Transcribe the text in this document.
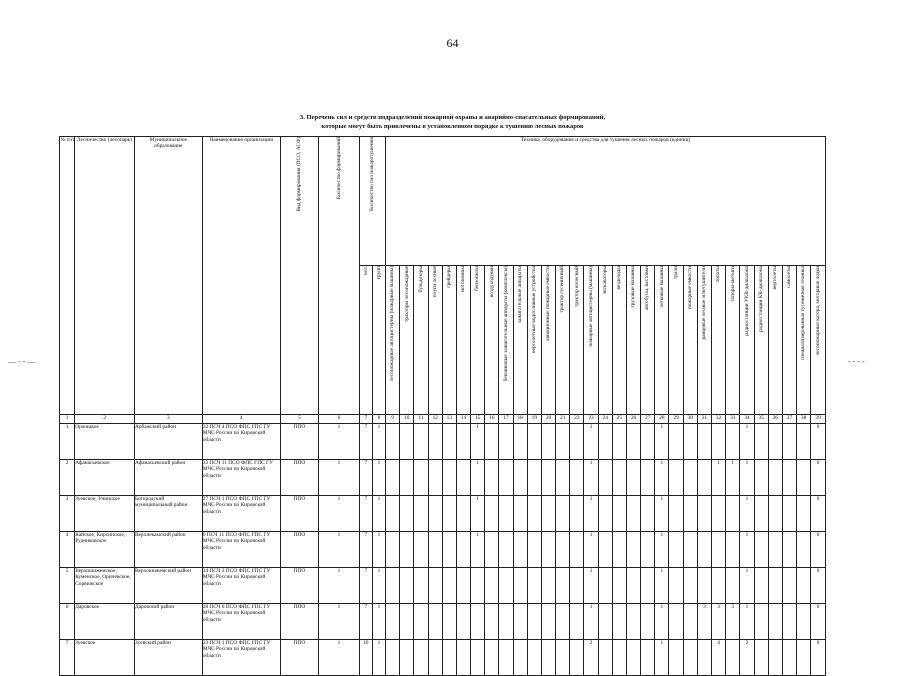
64
3. Перечень сил и средств подразделений пожарной охраны и аварийно-спасательных формирований,
которые могут быть привлечены в установленном порядке к тушению лесных пожаров
№ п/п	Лесничество (лесопарк)	Муниципальное образование	Наименование организации	Вид формирования (ПСО, АСФ)	Количество формирований	Количество сил пожаротушения		Техника, оборудование и средства для тушения лесных пожаров (единиц)																														
						чел.	групп	лесопожарные автоцистерны (пожарные машины)	тракторы лесопожарные	бульдозеры	плуги лесные	грейдеры	мотопомпы	бензопилы	воздуходувки	бензиновые зажигательные аппараты (комплексы)	зажигательные аппараты	вертолетные водосливные устройства	авиационные пожарные емкости	трактор гусеничный	трактор колесный	пожарные автоцистерны (машины)	экскаваторы	вездеходы	грузовые машины	автобусы, вахтовки	легковые машины	трали	пожарные емкости	ранцевые лесные огнетушители	лопаты	топоры-мотыги	радиостанции УКВ-диапазона	радиостанции КВ-диапазона	вертолеты	самолеты	специализированная гусеничная техника	лесопожарные катера, моторные лодки

1	2	3	4	5	6	7	8	9	10	11	12	13	14	15	16	17	18	19	20	21	22	23	24	25	26	27	28	29	30	31	32	33	34	35	36	37	38	39
1	Оржицкое	Арбажский район	32 ПСЧ 4 ПСО ФПС ГПС ГУ МЧС России по Кировской области	ППО	1	7	1							1								1					1						1					0
2	Афанасьевское	Афанасьевский район	33 ПСЧ 11 ПСО ФПС ГПС ГУ МЧС России по Кировской области	ППО	1	7	1							1								1					1				1	1	1					0
3	Зуевское, Унинское	Богородский муниципальный район	27 ПСЧ 1 ПСО ФПС ГПС ГУ МЧС России по Кировской области	ППО	1	7	1							1								1					1						1					0
4	Кайское, Кирсинское, Рудниковское	Верхнекамский район	6 ПСЧ 11 ПСО ФПС ГПС ГУ МЧС России по Кировской области	ППО	1	7	1							1								1					1						1					0
5	Верхошижемское, Куменское, Оричевское, Сорвижское	Верхошижемский район	34 ПСЧ 3 ПСО ФПС ГПС ГУ МЧС России по Кировской области	ППО	1	7	1															1					1						1					0
6	Даровское	Даровской район	28 ПСЧ 6 ПСО ФПС ГПС ГУ МЧС России по Кировской области	ППО	1	7	1															1					1			3	3	3	1					0
7	Зуевское	Зуевский район	23 ПСЧ 1 ПСО ФПС ГПС ГУ МЧС России по Кировской области	ППО	1	10	1															2					1				4		2					0
— - - —	- - - -
